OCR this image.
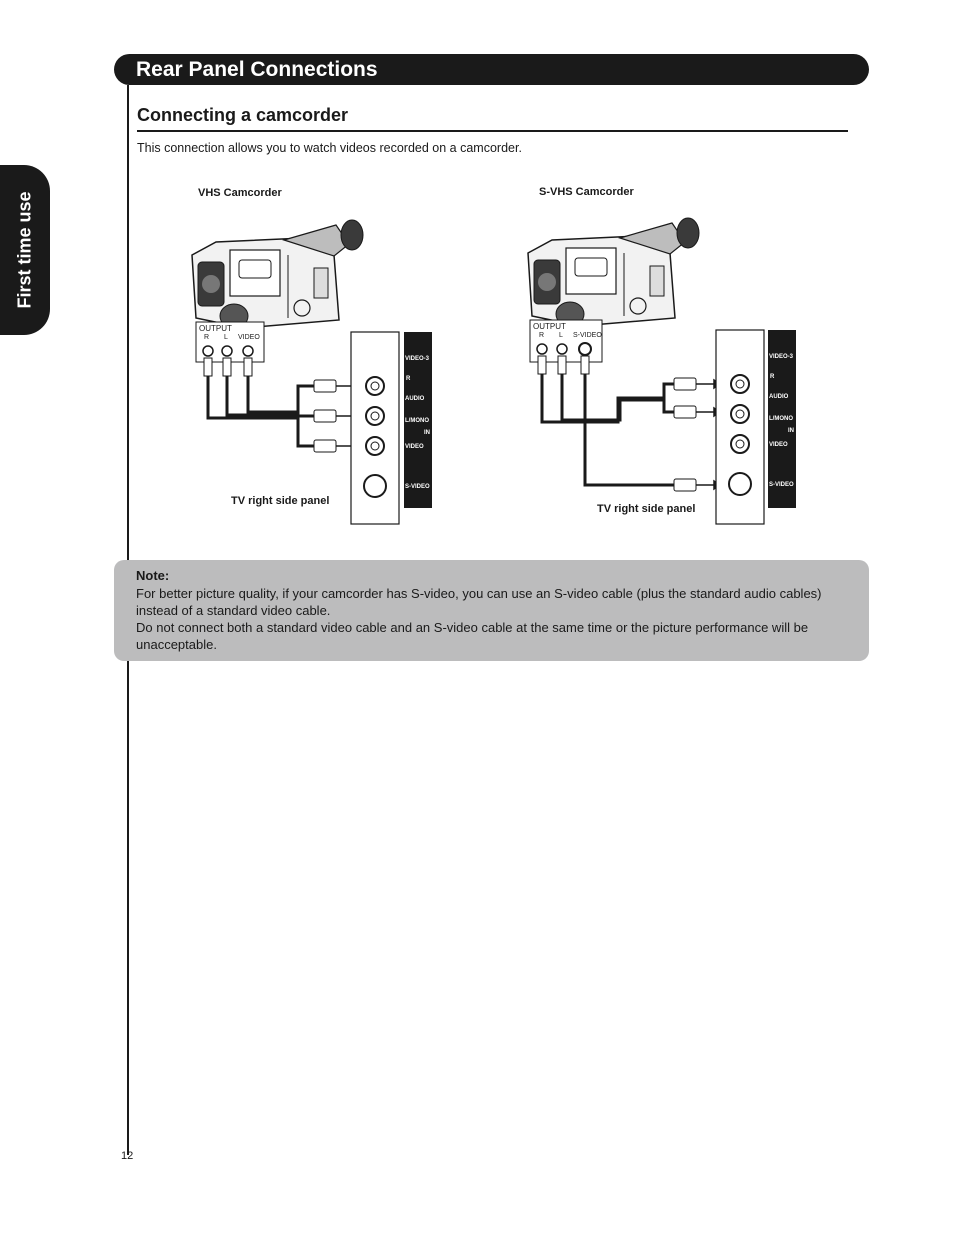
Rear Panel Connections
First time use
Connecting a camcorder
This connection allows you to watch videos recorded on a camcorder.
VHS Camcorder	S-VHS Camcorder
OUTPUT
R L VIDEO
OUTPUT
R L S-VIDEO
VIDEO-3
R
AUDIO
L/MONO
IN
VIDEO
S-VIDEO
VIDEO-3
R
AUDIO
L/MONO
IN
VIDEO
S-VIDEO
TV right side panel
TV right side panel
Note:

For better picture quality, if your camcorder has S-video, you can use an S-video cable (plus the standard audio cables) instead of a standard video cable.

Do not connect both a standard video cable and an S-video cable at the same time or the picture performance will be unacceptable.

12
